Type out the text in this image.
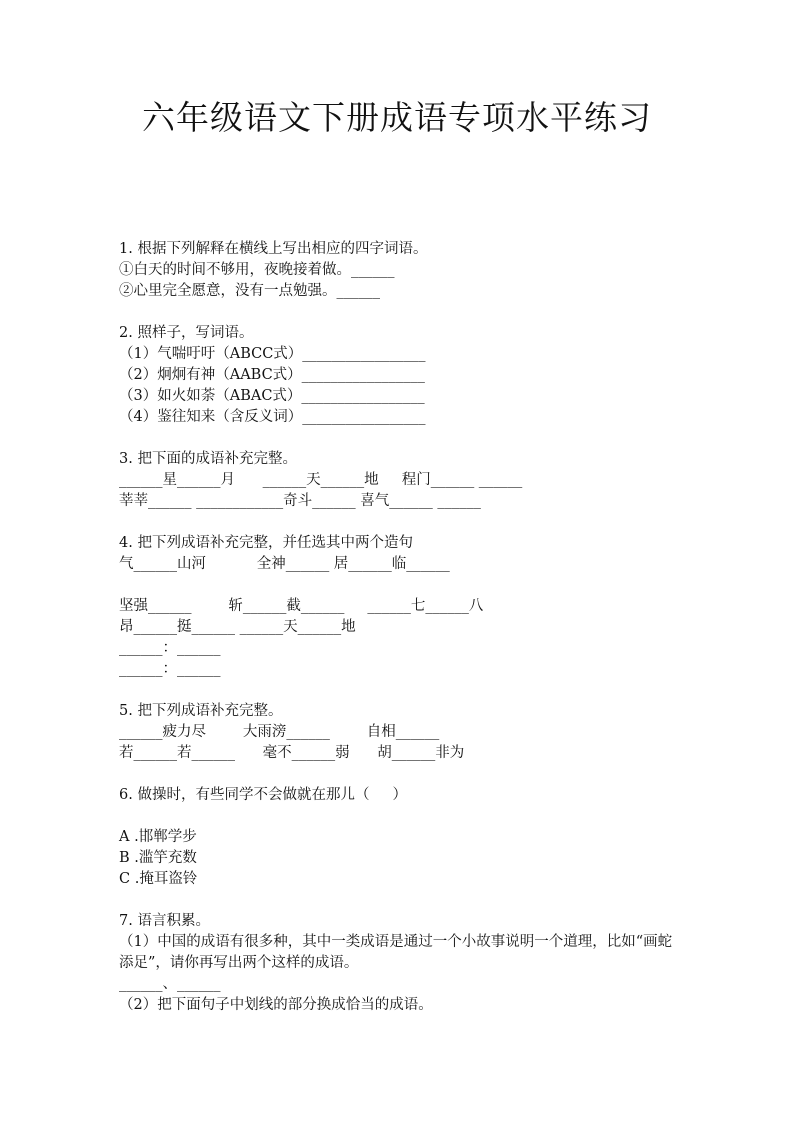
六年级语文下册成语专项水平练习
1. 根据下列解释在横线上写出相应的四字词语。
①白天的时间不够用，夜晚接着做。______
②心里完全愿意，没有一点勉强。______
2. 照样子，写词语。
（1）气喘吁吁（ABCC式）_________________
（2）炯炯有神（AABC式）_________________
（3）如火如荼（ABAC式）_________________
（4）鉴往知来（含反义词）_________________
3. 把下面的成语补充完整。
______星______月      ______天______地     程门______ ______
莘莘______ ____________奇斗______ 喜气______ ______
4. 把下列成语补充完整，并任选其中两个造句
气______山河           全神______ 居______临______
坚强______        斩______截______     ______七______八
昂______挺______ ______天______地
______：______
______：______
5. 把下列成语补充完整。
______疲力尽        大雨滂______        自相______
若______若______      毫不______弱      胡______非为
6. 做操时，有些同学不会做就在那儿（     ）
A .邯郸学步
B .滥竽充数
C .掩耳盗铃
7. 语言积累。
（1）中国的成语有很多种，其中一类成语是通过一个小故事说明一个道理，比如“画蛇添足”，请你再写出两个这样的成语。
______、______
（2）把下面句子中划线的部分换成恰当的成语。
